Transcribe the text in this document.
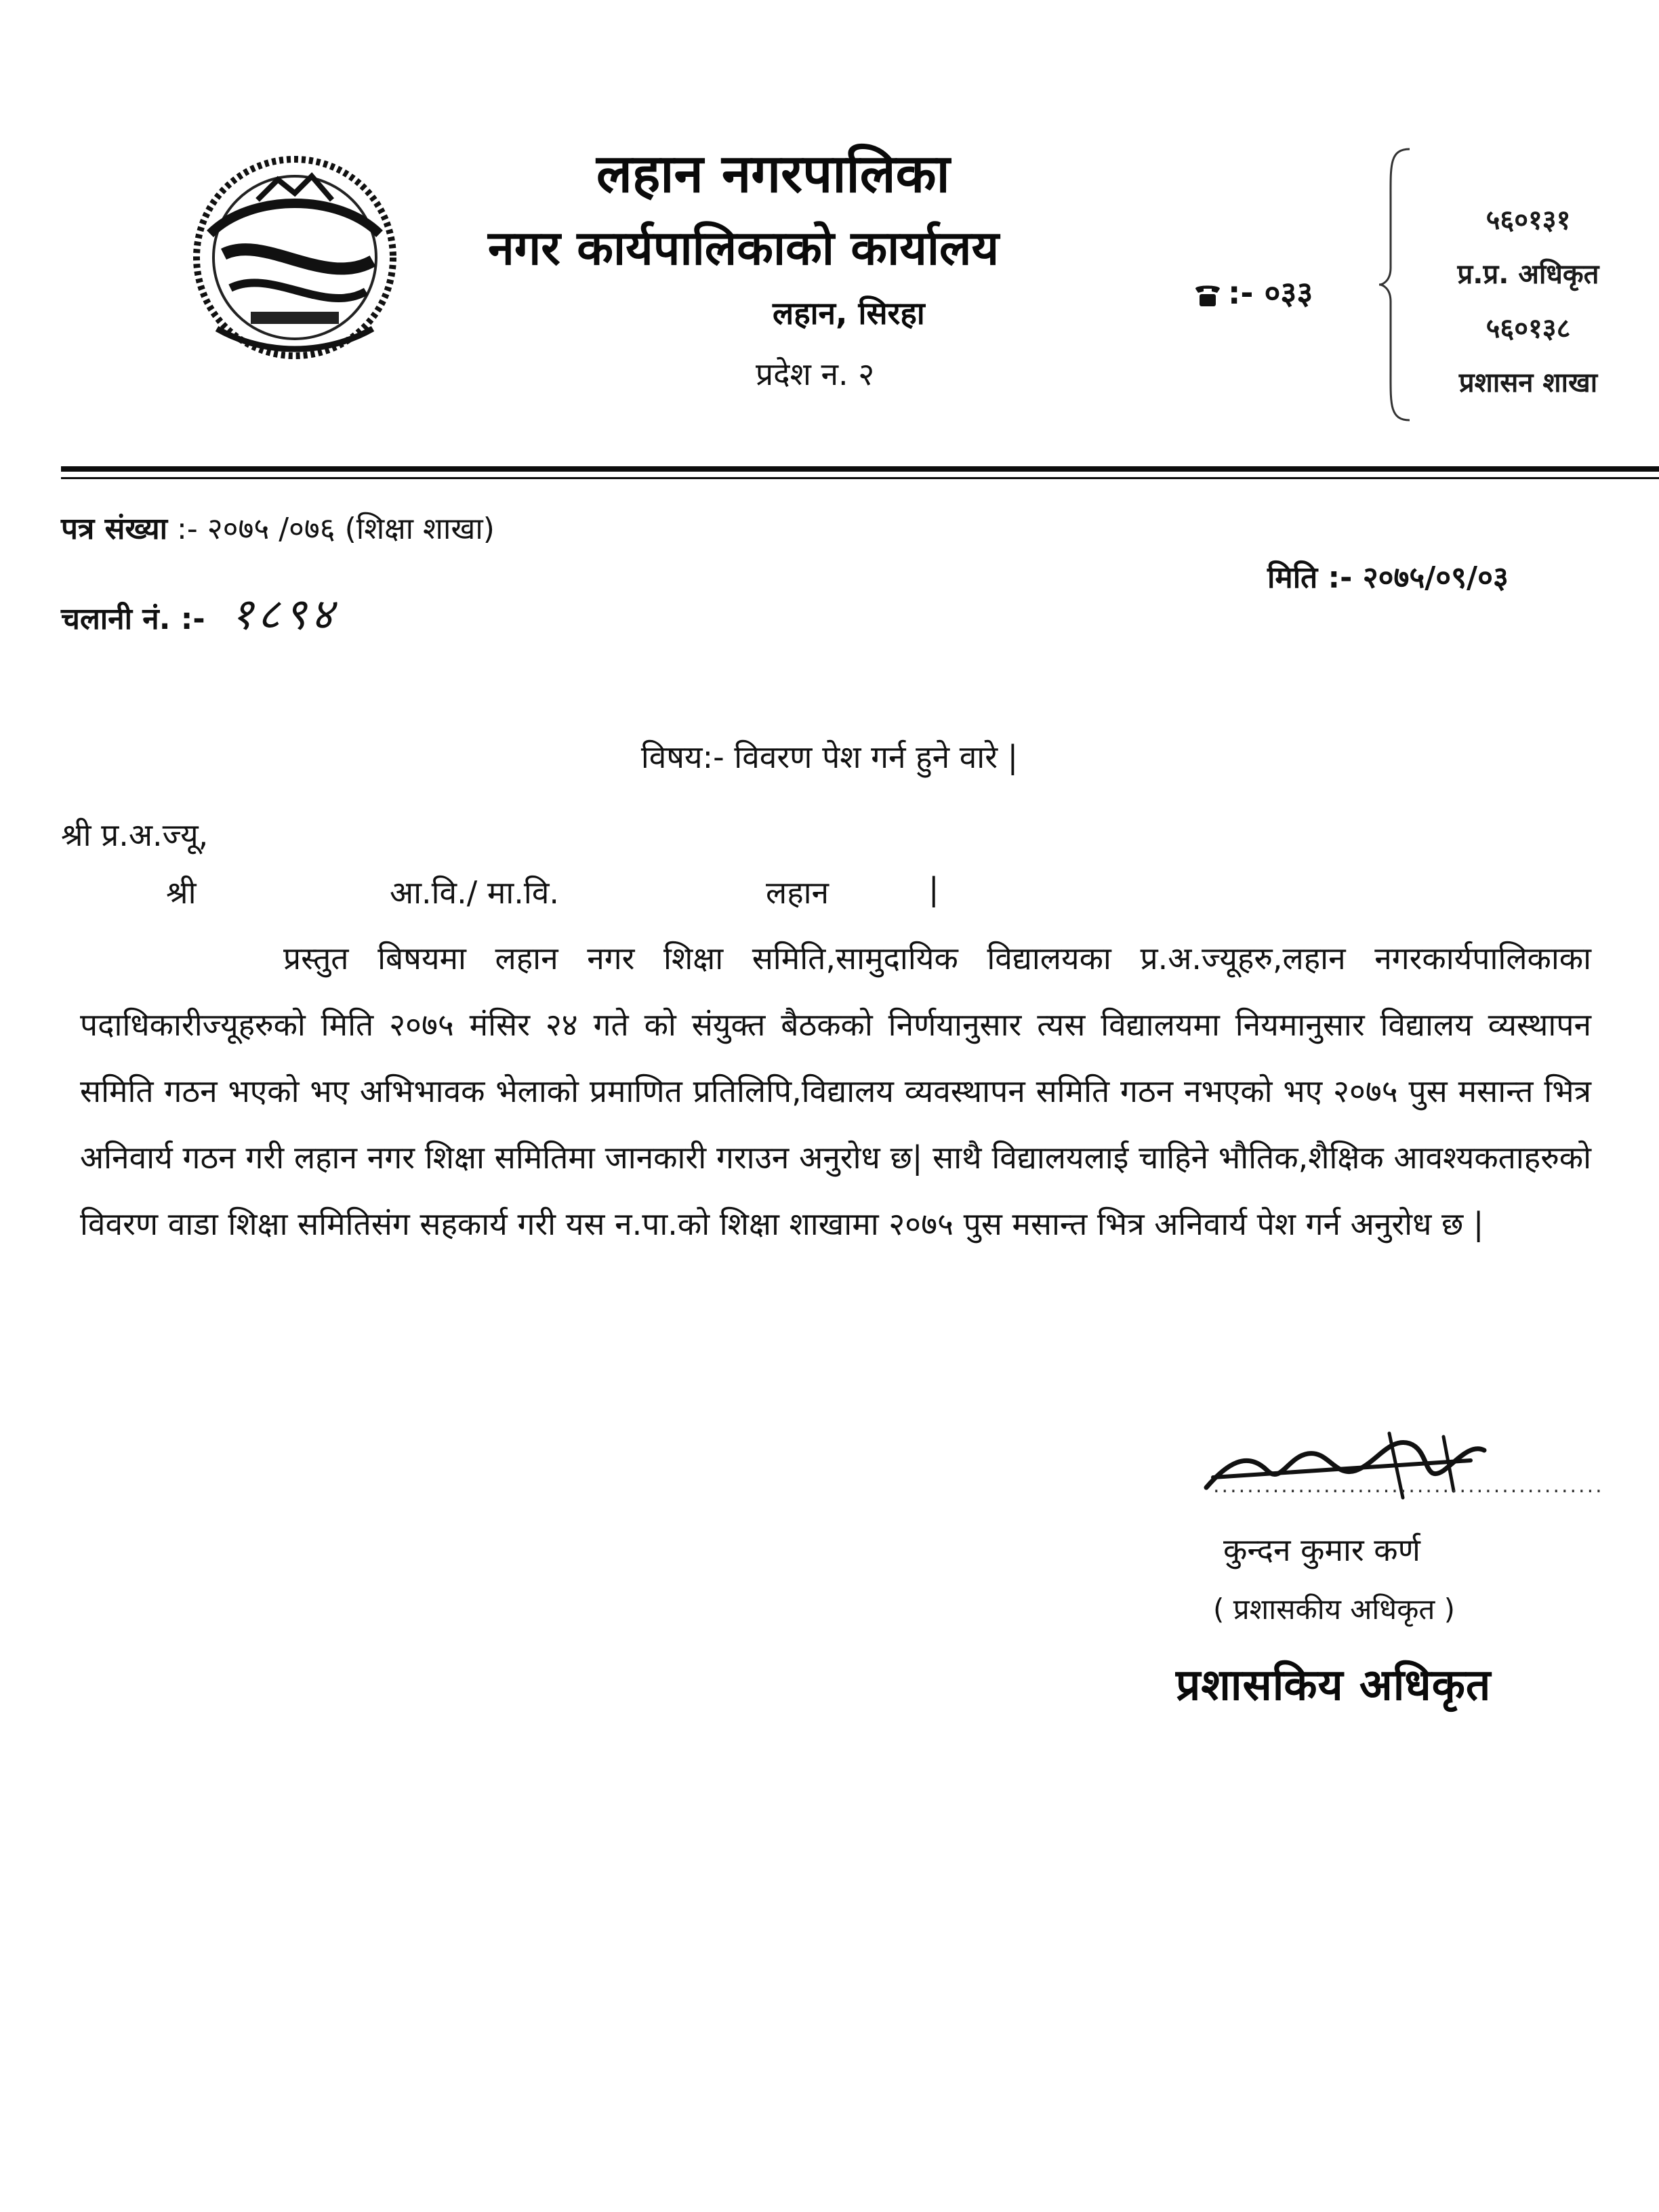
लहान नगरपालिका
नगर कार्यपालिकाको कार्यालय
लहान, सिरहा
प्रदेश न. २
:- ०३३
५६०१३१
प्र.प्र. अधिकृत
५६०१३८
प्रशासन शाखा
पत्र संख्या :- २०७५ /०७६ (शिक्षा शाखा)
चलानी नं. :- १८९४
मिति :- २०७५/०९/०३
विषय:- विवरण पेश गर्न हुने वारे |
श्री प्र.अ.ज्यू,
श्री	आ.वि./ मा.वि.	लहान	|
प्रस्तुत बिषयमा लहान नगर शिक्षा समिति,सामुदायिक विद्यालयका प्र.अ.ज्यूहरु,लहान नगरकार्यपालिकाका पदाधिकारीज्यूहरुको मिति २०७५ मंसिर २४ गते को संयुक्त बैठकको निर्णयानुसार त्यस विद्यालयमा नियमानुसार विद्यालय व्यस्थापन समिति गठन भएको भए अभिभावक भेलाको प्रमाणित प्रतिलिपि,विद्यालय व्यवस्थापन समिति गठन नभएको भए २०७५ पुस मसान्त भित्र अनिवार्य गठन गरी लहान नगर शिक्षा समितिमा जानकारी गराउन अनुरोध छ| साथै विद्यालयलाई चाहिने भौतिक,शैक्षिक आवश्यकताहरुको विवरण वाडा शिक्षा समितिसंग सहकार्य गरी यस न.पा.को शिक्षा शाखामा २०७५ पुस मसान्त भित्र अनिवार्य पेश गर्न अनुरोध छ |
..............................................
कुन्दन कुमार कर्ण
( प्रशासकीय अधिकृत )
प्रशासकिय अधिकृत
